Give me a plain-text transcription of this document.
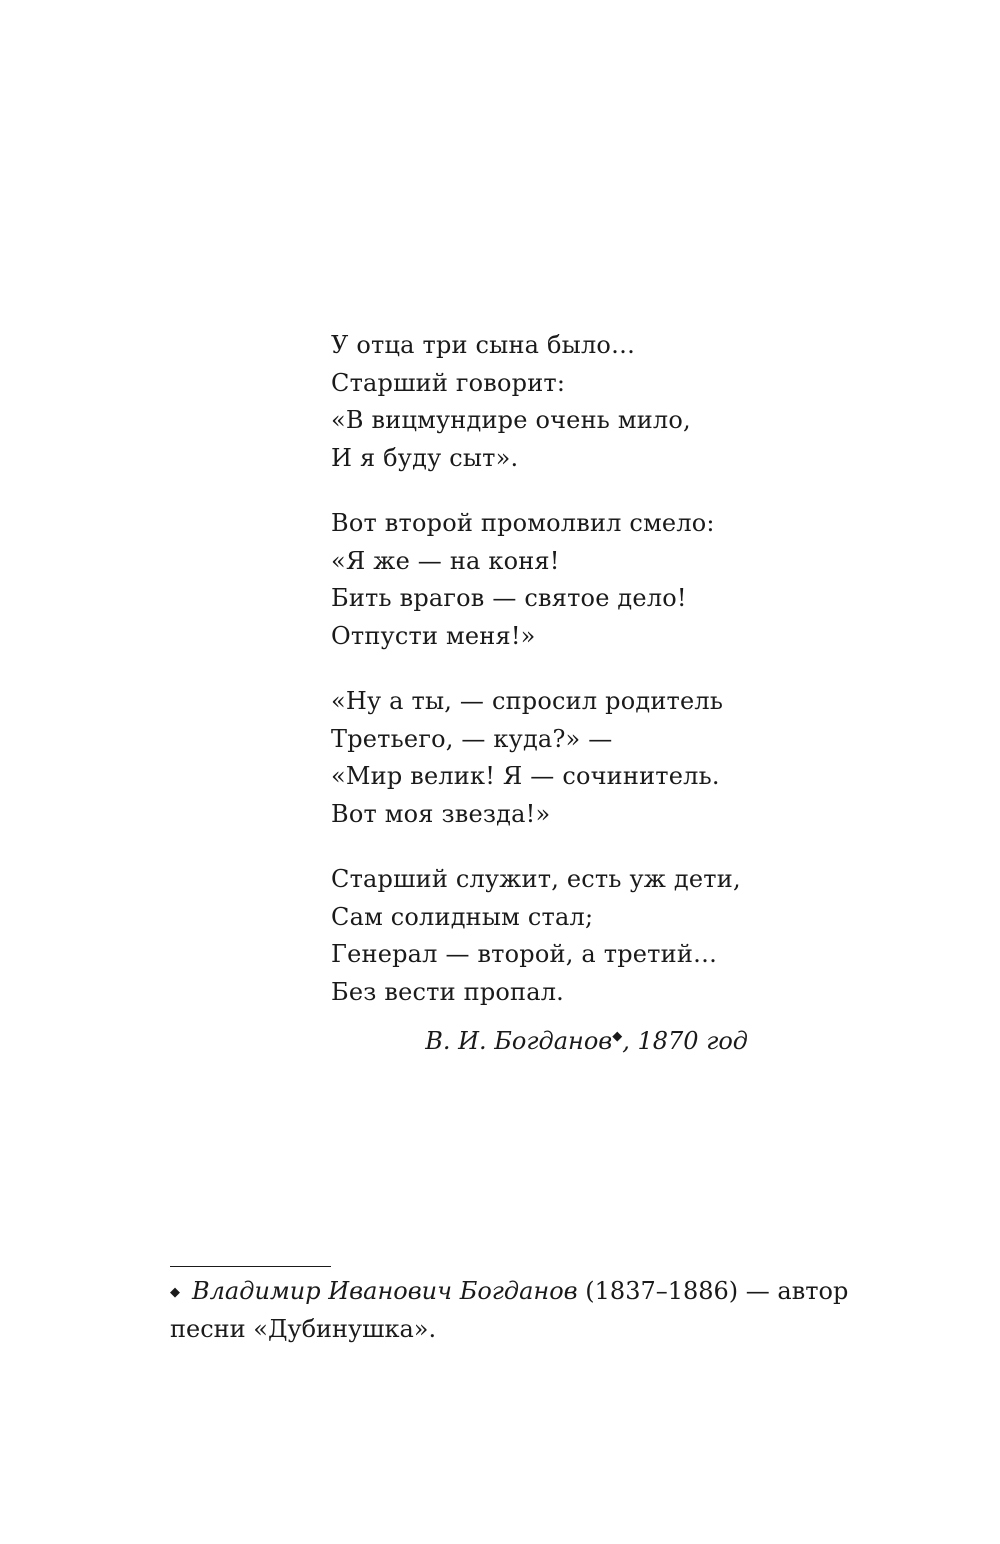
У отца три сына было…
Старший говорит:
«В вицмундире очень мило,
И я буду сыт».
Вот второй промолвил смело:
«Я же — на коня!
Бить врагов — святое дело!
Отпусти меня!»
«Ну а ты, — спросил родитель
Третьего, — куда?» —
«Мир велик! Я — сочинитель.
Вот моя звезда!»
Старший служит, есть уж дети,
Сам солидным стал;
Генерал — второй, а третий…
Без вести пропал.
В. И. Богданов◆, 1870 год
◆ Владимир Иванович Богданов (1837–1886) — автор песни «Дубинушка».
